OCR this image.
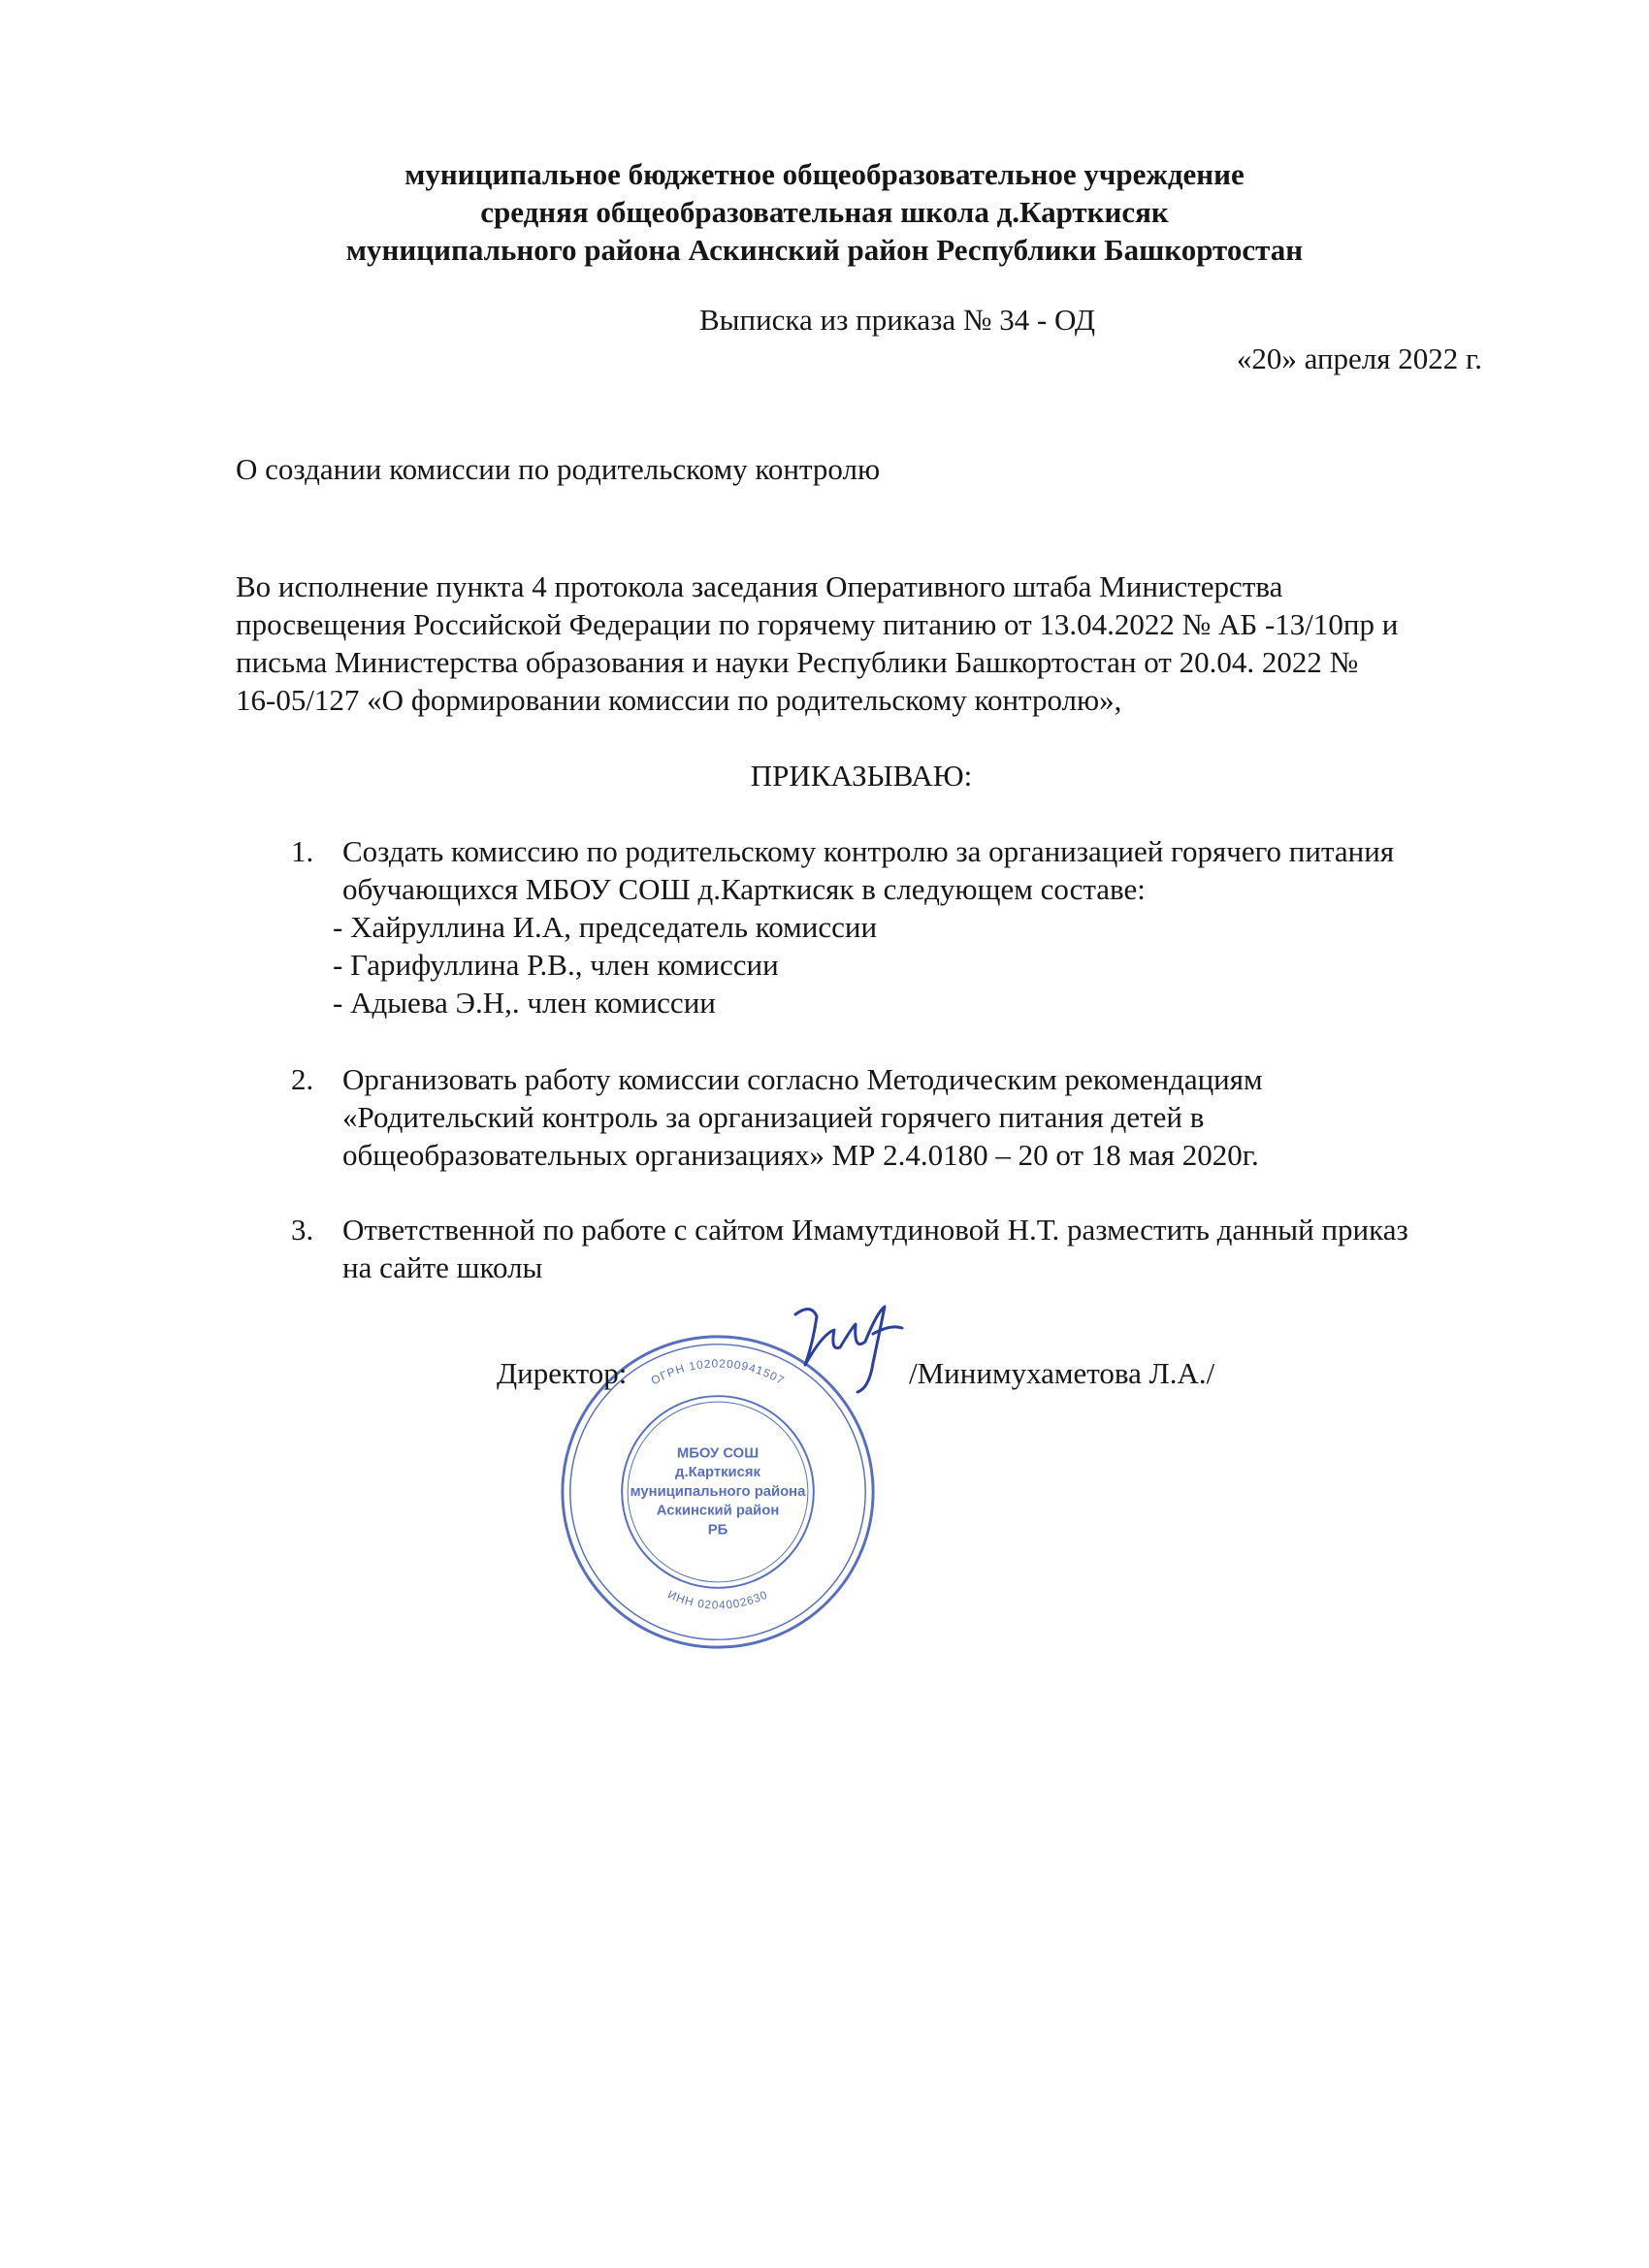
муниципальное бюджетное общеобразовательное учреждение
средняя общеобразовательная школа д.Карткисяк
муниципального района Аскинский район Республики Башкортостан
Выписка из приказа № 34 - ОД
«20» апреля 2022 г.
О создании комиссии по родительскому контролю
Во исполнение пункта 4 протокола заседания Оперативного штаба Министерства
просвещения Российской Федерации по горячему питанию от 13.04.2022 № АБ -13/10пр и
письма Министерства образования и науки Республики Башкортостан от 20.04. 2022 №
16-05/127 «О формировании комиссии по родительскому контролю»,
ПРИКАЗЫВАЮ:
1. Создать комиссию по родительскому контролю за организацией горячего питания
обучающихся МБОУ СОШ д.Карткисяк в следующем составе:
- Хайруллина И.А, председатель комиссии
- Гарифуллина Р.В., член комиссии
- Адыева Э.Н,. член комиссии
2. Организовать работу комиссии согласно Методическим рекомендациям
«Родительский контроль за организацией горячего питания детей в
общеобразовательных организациях» МР 2.4.0180 – 20 от 18 мая 2020г.
3. Ответственной по работе с сайтом Имамутдиновой Н.Т. разместить данный приказ
на сайте школы
ОГРН 1020200941507
ИНН 0204002630
МБОУ СОШ
д.Карткисяк
муниципального района
Аскинский район
РБ
Директор:	/Минимухаметова Л.А./
